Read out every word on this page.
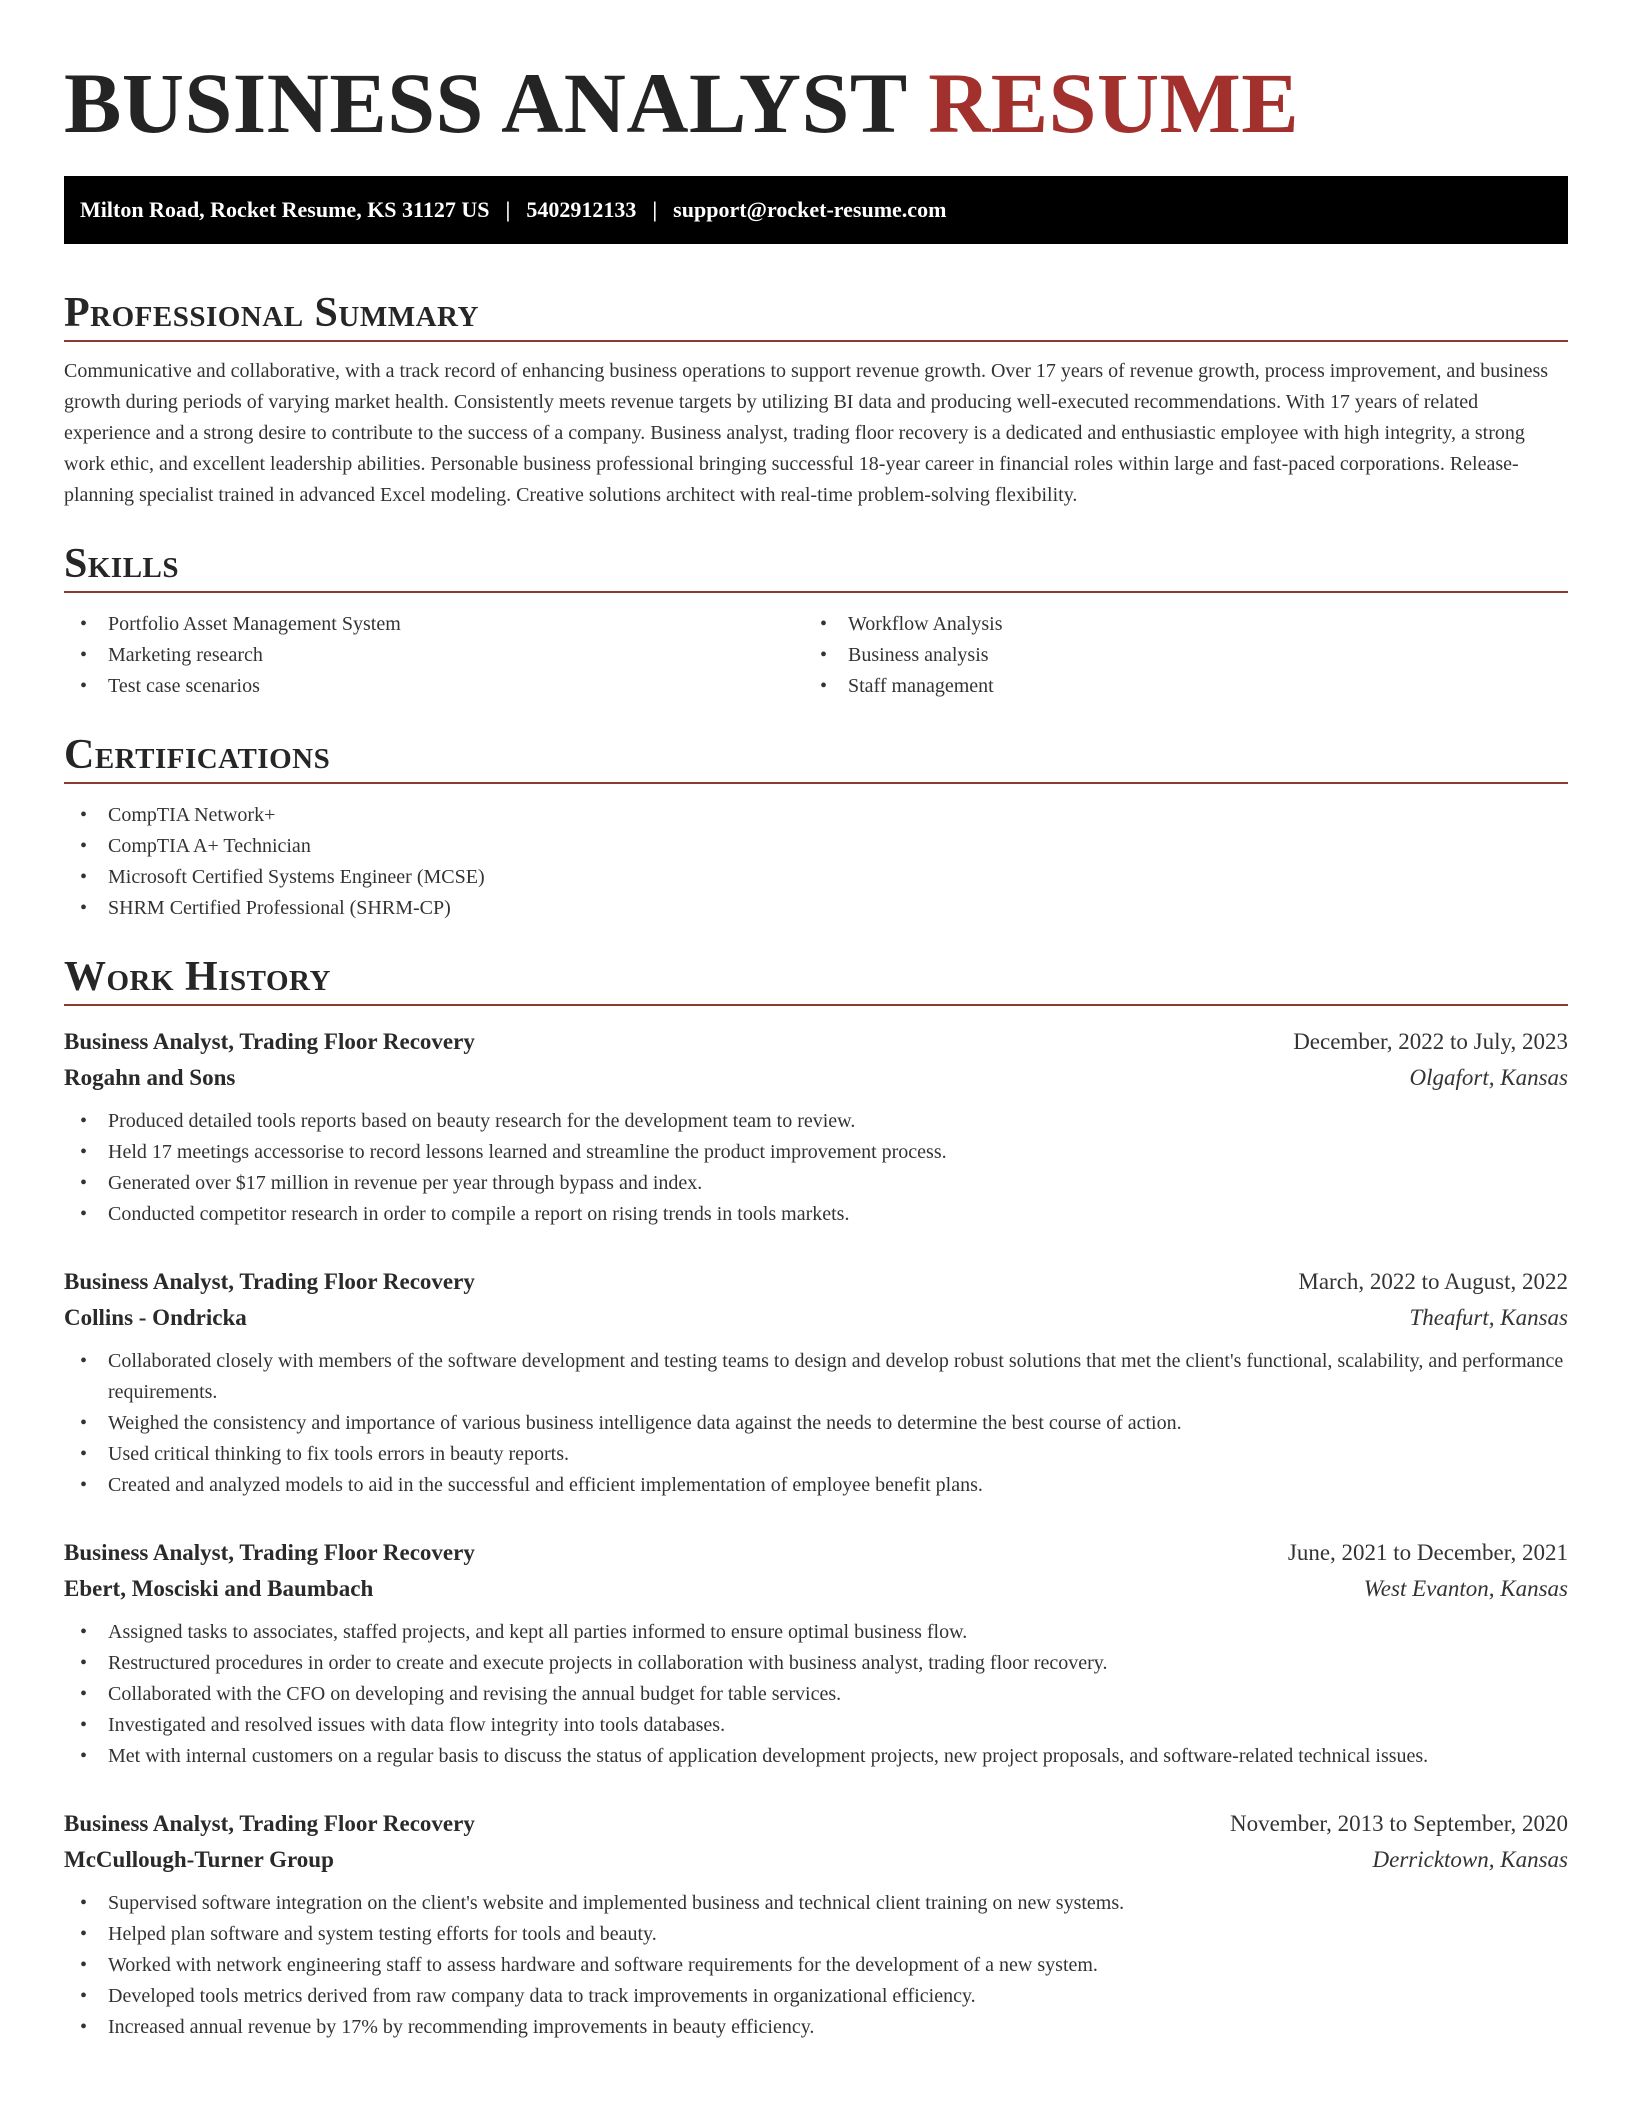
BUSINESS ANALYST RESUME
Milton Road, Rocket Resume, KS 31127 US | 5402912133 | support@rocket-resume.com
Professional Summary

Communicative and collaborative, with a track record of enhancing business operations to support revenue growth. Over 17 years of revenue growth, process improvement, and business growth during periods of varying market health. Consistently meets revenue targets by utilizing BI data and producing well-executed recommendations. With 17 years of related experience and a strong desire to contribute to the success of a company. Business analyst, trading floor recovery is a dedicated and enthusiastic employee with high integrity, a strong work ethic, and excellent leadership abilities. Personable business professional bringing successful 18-year career in financial roles within large and fast-paced corporations. Release-planning specialist trained in advanced Excel modeling. Creative solutions architect with real-time problem-solving flexibility.

Skills
• Portfolio Asset Management System
• Marketing research
• Test case scenarios
• Workflow Analysis
• Business analysis
• Staff management
Certifications
• CompTIA Network+
• CompTIA A+ Technician
• Microsoft Certified Systems Engineer (MCSE)
• SHRM Certified Professional (SHRM-CP)
Work History
Business Analyst, Trading Floor Recovery	December, 2022 to July, 2023
Rogahn and Sons	Olgafort, Kansas
• Produced detailed tools reports based on beauty research for the development team to review.
• Held 17 meetings accessorise to record lessons learned and streamline the product improvement process.
• Generated over $17 million in revenue per year through bypass and index.
• Conducted competitor research in order to compile a report on rising trends in tools markets.
Business Analyst, Trading Floor Recovery	March, 2022 to August, 2022
Collins - Ondricka	Theafurt, Kansas
• Collaborated closely with members of the software development and testing teams to design and develop robust solutions that met the client's functional, scalability, and performance requirements.
• Weighed the consistency and importance of various business intelligence data against the needs to determine the best course of action.
• Used critical thinking to fix tools errors in beauty reports.
• Created and analyzed models to aid in the successful and efficient implementation of employee benefit plans.
Business Analyst, Trading Floor Recovery	June, 2021 to December, 2021
Ebert, Mosciski and Baumbach	West Evanton, Kansas
• Assigned tasks to associates, staffed projects, and kept all parties informed to ensure optimal business flow.
• Restructured procedures in order to create and execute projects in collaboration with business analyst, trading floor recovery.
• Collaborated with the CFO on developing and revising the annual budget for table services.
• Investigated and resolved issues with data flow integrity into tools databases.
• Met with internal customers on a regular basis to discuss the status of application development projects, new project proposals, and software-related technical issues.
Business Analyst, Trading Floor Recovery	November, 2013 to September, 2020
McCullough-Turner Group	Derricktown, Kansas
• Supervised software integration on the client's website and implemented business and technical client training on new systems.
• Helped plan software and system testing efforts for tools and beauty.
• Worked with network engineering staff to assess hardware and software requirements for the development of a new system.
• Developed tools metrics derived from raw company data to track improvements in organizational efficiency.
• Increased annual revenue by 17% by recommending improvements in beauty efficiency.
